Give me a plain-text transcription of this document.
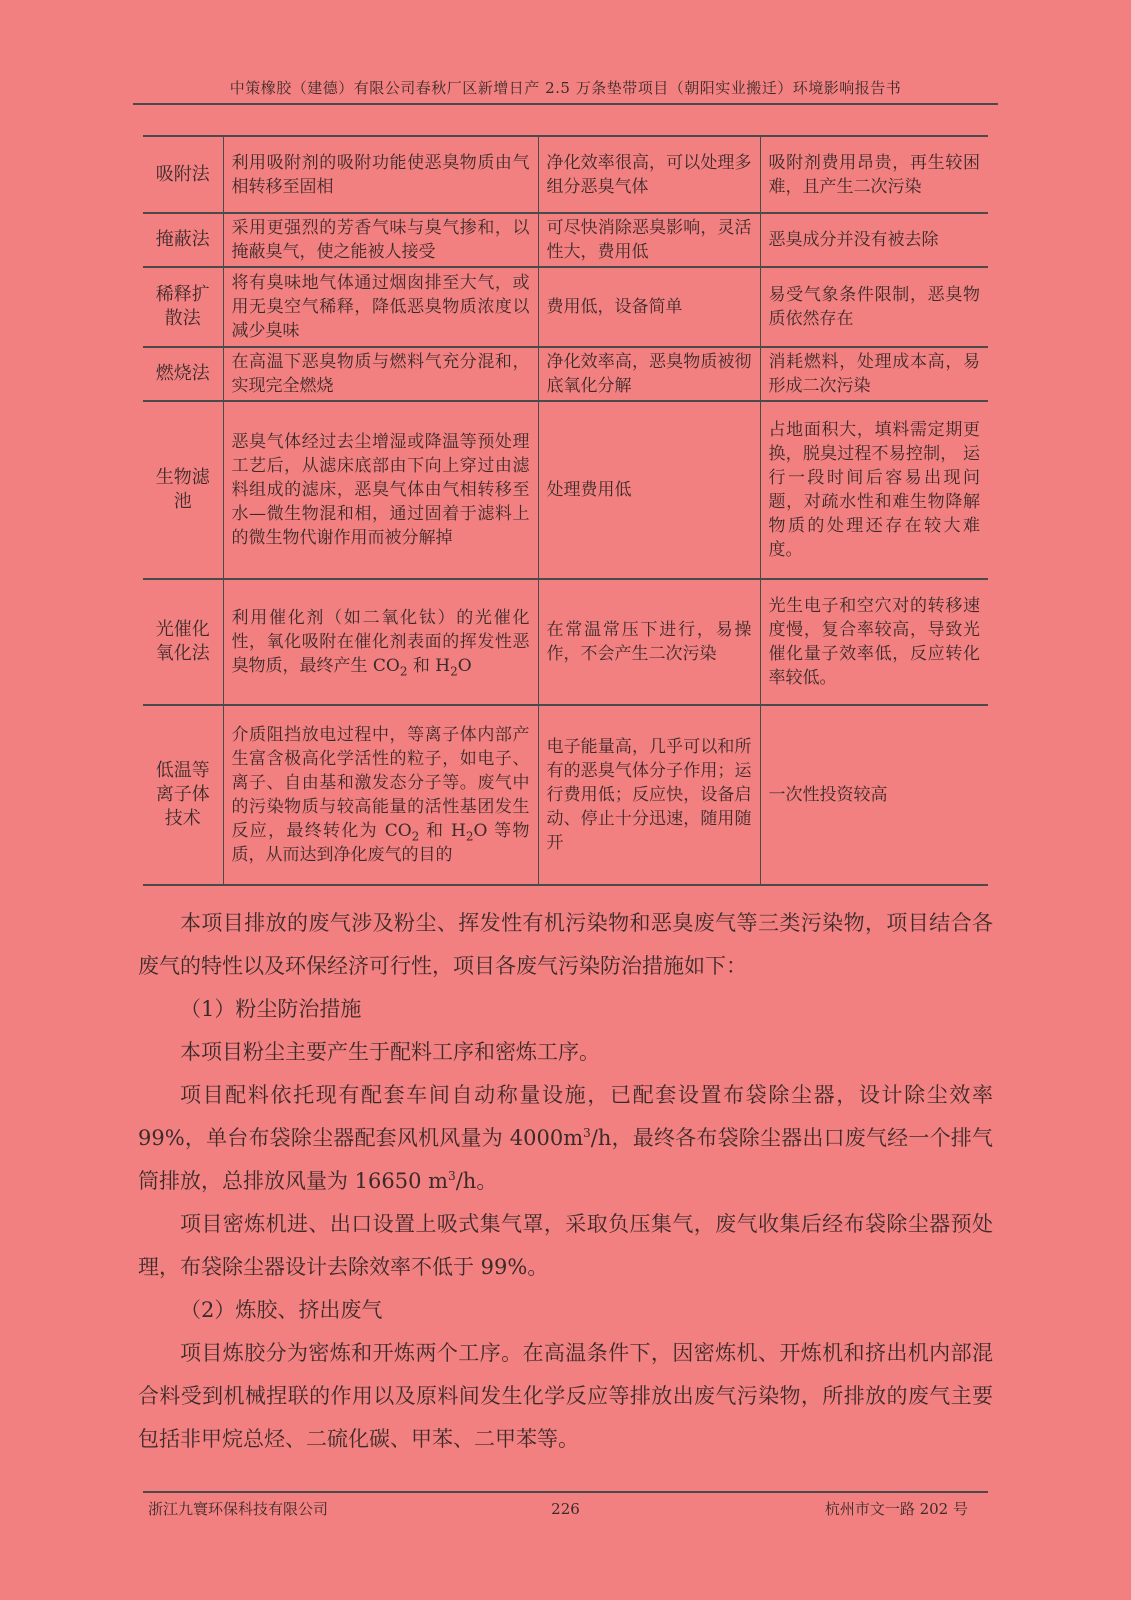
中策橡胶（建德）有限公司春秋厂区新增日产 2.5 万条垫带项目（朝阳实业搬迁）环境影响报告书
吸附法	利用吸附剂的吸附功能使恶臭物质由气相转移至固相	净化效率很高，可以处理多组分恶臭气体	吸附剂费用昂贵，再生较困难，且产生二次污染
掩蔽法	采用更强烈的芳香气味与臭气掺和，以掩蔽臭气，使之能被人接受	可尽快消除恶臭影响，灵活性大，费用低	恶臭成分并没有被去除
稀释扩散法	将有臭味地气体通过烟囱排至大气，或用无臭空气稀释，降低恶臭物质浓度以减少臭味	费用低，设备简单	易受气象条件限制，恶臭物质依然存在
燃烧法	在高温下恶臭物质与燃料气充分混和，实现完全燃烧	净化效率高，恶臭物质被彻底氧化分解	消耗燃料，处理成本高，易形成二次污染
生物滤池	恶臭气体经过去尘增湿或降温等预处理工艺后，从滤床底部由下向上穿过由滤料组成的滤床，恶臭气体由气相转移至水—微生物混和相，通过固着于滤料上的微生物代谢作用而被分解掉	处理费用低	占地面积大，填料需定期更换，脱臭过程不易控制， 运行一段时间后容易出现问题，对疏水性和难生物降解物质的处理还存在较大难度。
光催化氧化法	利用催化剂（如二氧化钛）的光催化性，氧化吸附在催化剂表面的挥发性恶臭物质，最终产生 $CO_2$ 和 $H_2O$	在常温常压下进行，易操作，不会产生二次污染	光生电子和空穴对的转移速度慢，复合率较高，导致光催化量子效率低，反应转化率较低。
低温等离子体技术	介质阻挡放电过程中，等离子体内部产生富含极高化学活性的粒子，如电子、离子、自由基和激发态分子等。废气中的污染物质与较高能量的活性基团发生反应，最终转化为 $CO_2$ 和 $H_2O$ 等物质，从而达到净化废气的目的	电子能量高，几乎可以和所有的恶臭气体分子作用；运行费用低；反应快，设备启动、停止十分迅速，随用随开	一次性投资较高

本项目排放的废气涉及粉尘、挥发性有机污染物和恶臭废气等三类污染物，项目结合各废气的特性以及环保经济可行性，项目各废气污染防治措施如下：

（1）粉尘防治措施

本项目粉尘主要产生于配料工序和密炼工序。

项目配料依托现有配套车间自动称量设施，已配套设置布袋除尘器，设计除尘效率 99%，单台布袋除尘器配套风机风量为 $4000m^3/h$，最终各布袋除尘器出口废气经一个排气筒排放，总排放风量为 16650 $m^3/h$。

项目密炼机进、出口设置上吸式集气罩，采取负压集气，废气收集后经布袋除尘器预处理，布袋除尘器设计去除效率不低于 99%。

（2）炼胶、挤出废气

项目炼胶分为密炼和开炼两个工序。在高温条件下，因密炼机、开炼机和挤出机内部混合料受到机械捏联的作用以及原料间发生化学反应等排放出废气污染物，所排放的废气主要包括非甲烷总烃、二硫化碳、甲苯、二甲苯等。

浙江九寰环保科技有限公司	226	杭州市文一路 202 号
